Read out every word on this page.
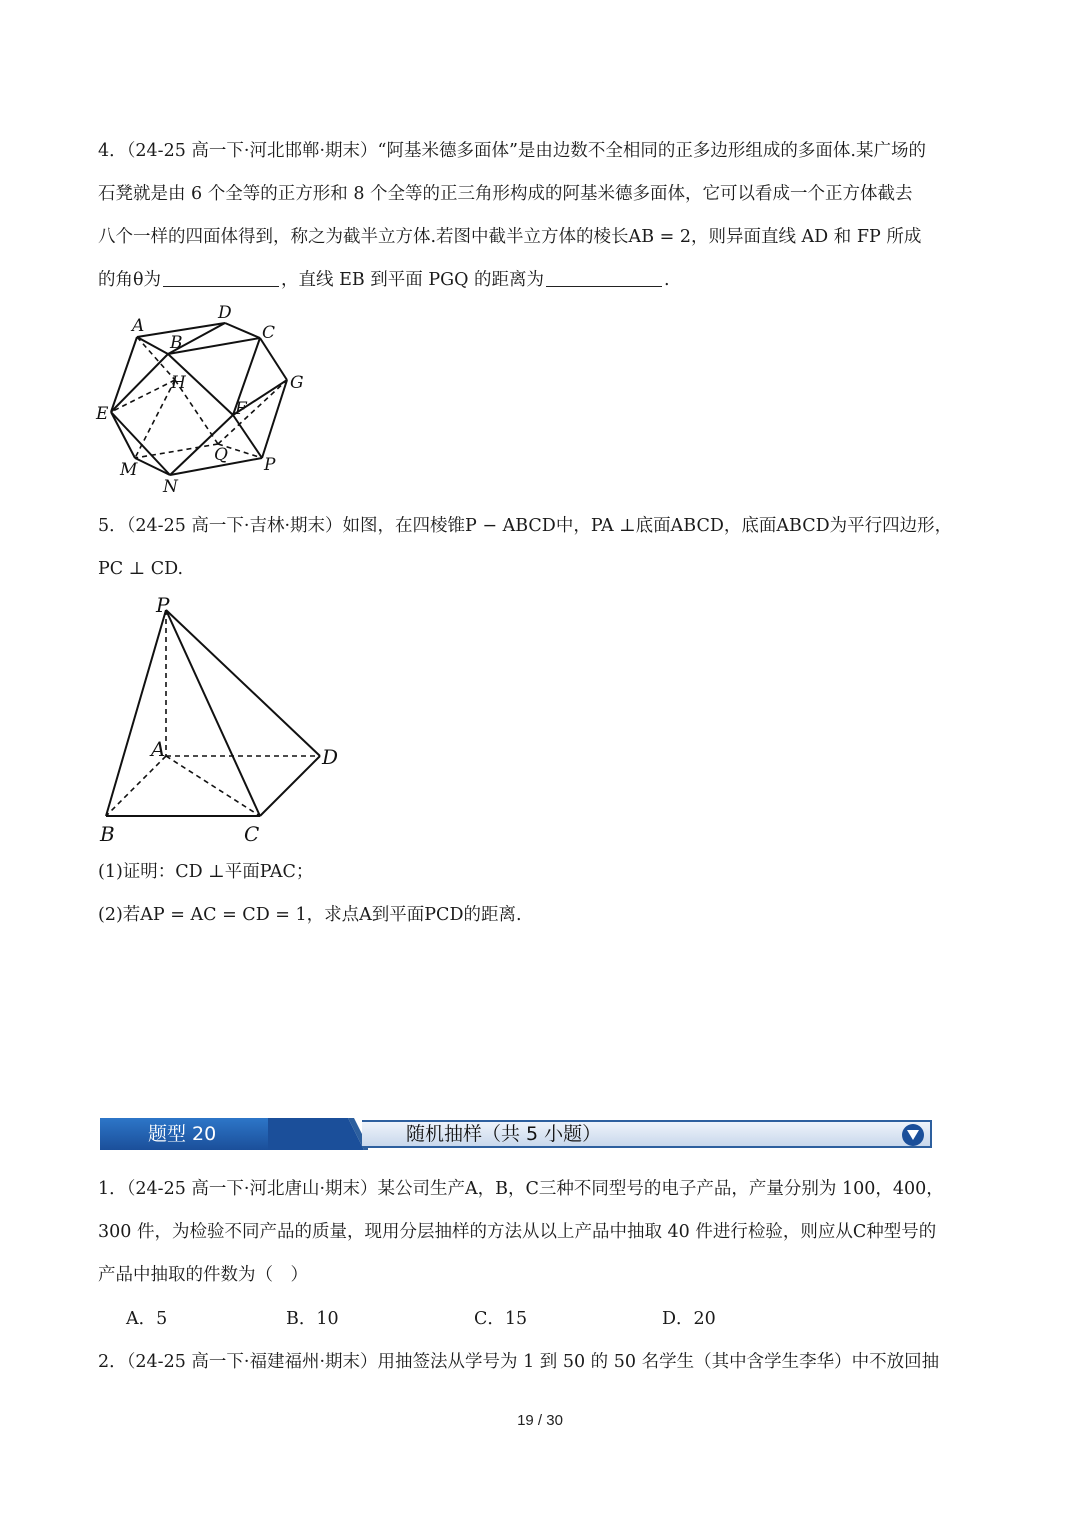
4．（24-25 高一下·河北邯郸·期末）“阿基米德多面体”是由边数不全相同的正多边形组成的多面体.某广场的
石凳就是由 6 个全等的正方形和 8 个全等的正三角形构成的阿基米德多面体，它可以看成一个正方体截去
八个一样的四面体得到，称之为截半立方体.若图中截半立方体的棱长AB = 2，则异面直线 AD 和 FP 所成
的角θ为	，直线 EB 到平面 PGQ 的距离为	.
A
D
C
B
H	G
E	F
Q
M	P
N
5．（24-25 高一下·吉林·期末）如图，在四棱锥P − ABCD中，PA ⊥底面ABCD，底面ABCD为平行四边形，
PC ⊥ CD.
P
A	D
B	C
(1)证明：CD ⊥平面PAC；
(2)若AP = AC = CD = 1，求点A到平面PCD的距离.
题型 20	随机抽样（共 5 小题）
1．（24-25 高一下·河北唐山·期末）某公司生产A，B，C三种不同型号的电子产品，产量分别为 100，400，
300 件，为检验不同产品的质量，现用分层抽样的方法从以上产品中抽取 40 件进行检验，则应从C种型号的
产品中抽取的件数为（　）
A．5	B．10	C．15	D．20
2．（24-25 高一下·福建福州·期末）用抽签法从学号为 1 到 50 的 50 名学生（其中含学生李华）中不放回抽
19 / 30
